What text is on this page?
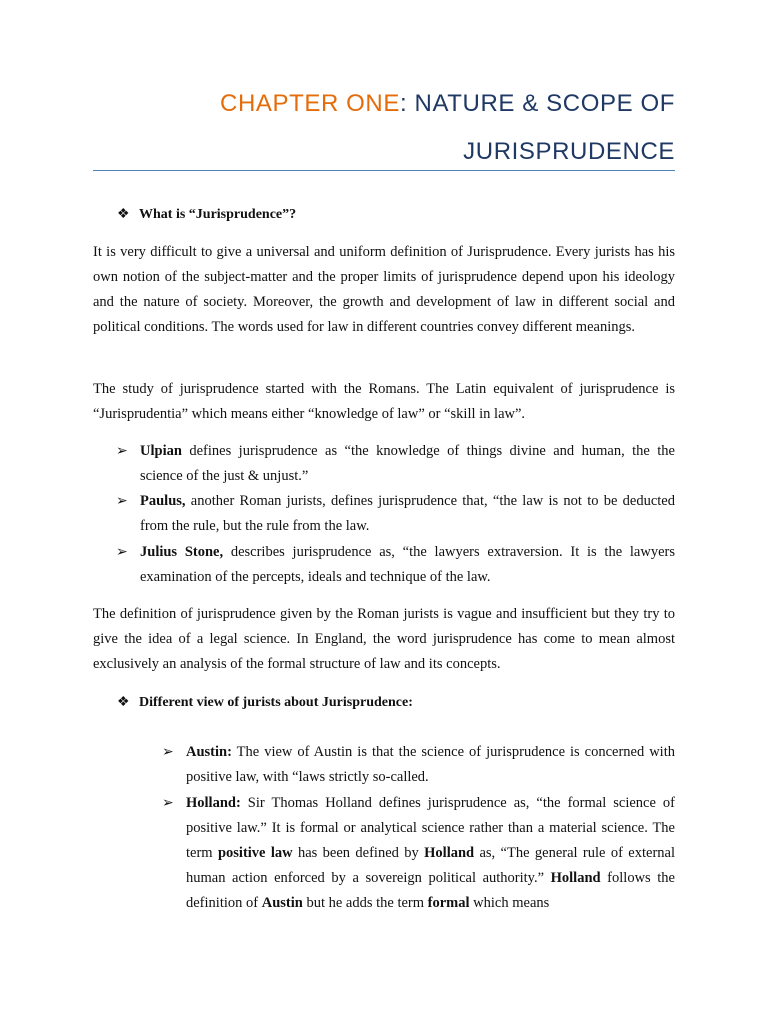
CHAPTER ONE: NATURE & SCOPE OF
JURISPRUDENCE
❖ What is “Jurisprudence”?

It is very difficult to give a universal and uniform definition of Jurisprudence. Every jurists has his own notion of the subject-matter and the proper limits of jurisprudence depend upon his ideology and the nature of society. Moreover, the growth and development of law in different social and political conditions. The words used for law in different countries convey different meanings.

The study of jurisprudence started with the Romans. The Latin equivalent of jurisprudence is “Jurisprudentia” which means either “knowledge of law” or “skill in law”.

➢ Ulpian defines jurisprudence as “the knowledge of things divine and human, the the science of the just & unjust.”
➢ Paulus, another Roman jurists, defines jurisprudence that, “the law is not to be deducted from the rule, but the rule from the law.
➢ Julius Stone, describes jurisprudence as, “the lawyers extraversion. It is the lawyers examination of the percepts, ideals and technique of the law.

The definition of jurisprudence given by the Roman jurists is vague and insufficient but they try to give the idea of a legal science. In England, the word jurisprudence has come to mean almost exclusively an analysis of the formal structure of law and its concepts.

❖ Different view of jurists about Jurisprudence:
➢ Austin: The view of Austin is that the science of jurisprudence is concerned with positive law, with “laws strictly so-called.
➢ Holland: Sir Thomas Holland defines jurisprudence as, “the formal science of positive law.” It is formal or analytical science rather than a material science. The term positive law has been defined by Holland as, “The general rule of external human action enforced by a sovereign political authority.” Holland follows the definition of Austin but he adds the term formal which means
